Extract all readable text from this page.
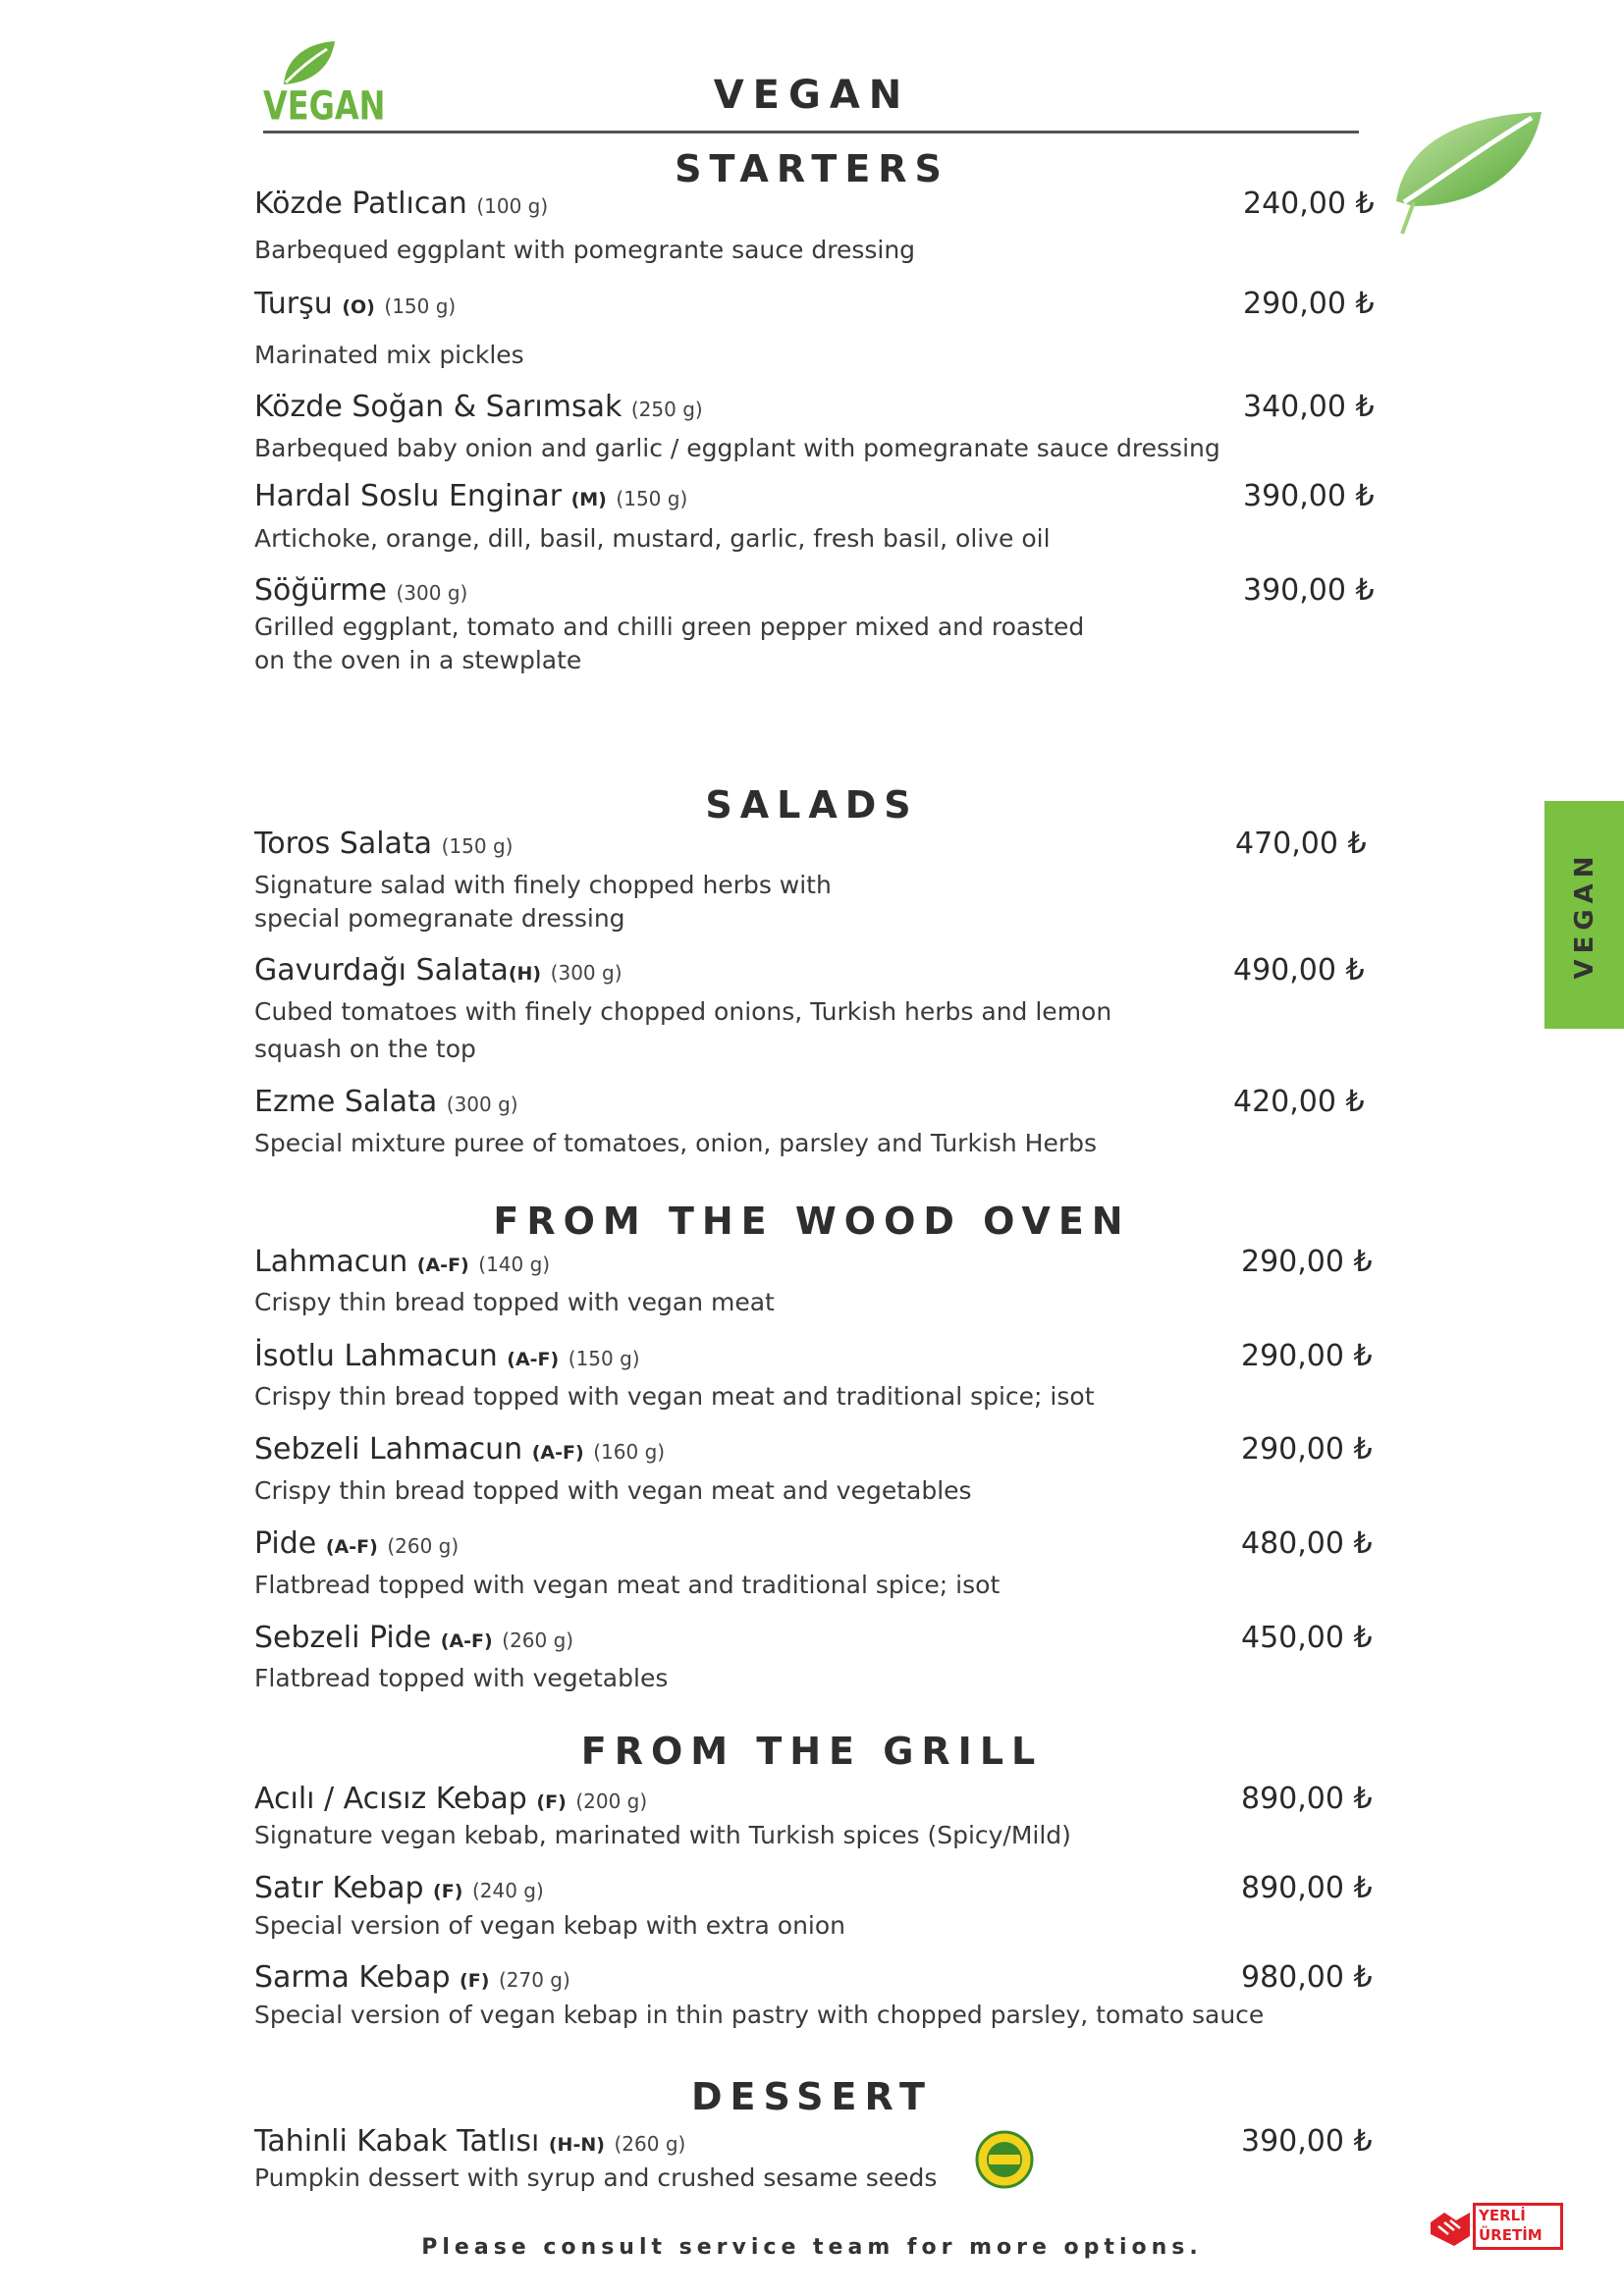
VEGAN	VEGAN
VEGAN
STARTERS
Közde Patlıcan (100 g)	240,00 ₺
Barbequed eggplant with pomegrante sauce dressing
Turşu (O) (150 g)	290,00 ₺
Marinated mix pickles
Közde Soğan & Sarımsak (250 g)	340,00 ₺
Barbequed baby onion and garlic / eggplant with pomegranate sauce dressing
Hardal Soslu Enginar (M) (150 g)	390,00 ₺
Artichoke, orange, dill, basil, mustard, garlic, fresh basil, olive oil
Söğürme (300 g)	390,00 ₺
Grilled eggplant, tomato and chilli green pepper mixed and roasted
on the oven in a stewplate
SALADS
Toros Salata (150 g)	470,00 ₺
Signature salad with finely chopped herbs with
special pomegranate dressing
Gavurdağı Salata(H) (300 g)	490,00 ₺
Cubed tomatoes with finely chopped onions, Turkish herbs and lemon
squash on the top
Ezme Salata (300 g)	420,00 ₺
Special mixture puree of tomatoes, onion, parsley and Turkish Herbs
FROM THE WOOD OVEN
Lahmacun (A-F) (140 g)	290,00 ₺
Crispy thin bread topped with vegan meat
İsotlu Lahmacun (A-F) (150 g)	290,00 ₺
Crispy thin bread topped with vegan meat and traditional spice; isot
Sebzeli Lahmacun (A-F) (160 g)	290,00 ₺
Crispy thin bread topped with vegan meat and vegetables
Pide (A-F) (260 g)	480,00 ₺
Flatbread topped with vegan meat and traditional spice; isot
Sebzeli Pide (A-F) (260 g)	450,00 ₺
Flatbread topped with vegetables
FROM THE GRILL
Acılı / Acısız Kebap (F) (200 g)	890,00 ₺
Signature vegan kebab, marinated with Turkish spices (Spicy/Mild)
Satır Kebap (F) (240 g)	890,00 ₺
Special version of vegan kebap with extra onion
Sarma Kebap (F) (270 g)	980,00 ₺
Special version of vegan kebap in thin pastry with chopped parsley, tomato sauce
DESSERT
Tahinli Kabak Tatlısı (H-N) (260 g)	390,00 ₺
Pumpkin dessert with syrup and crushed sesame seeds
Please consult service team for more options.
YERLİ
ÜRETİM
